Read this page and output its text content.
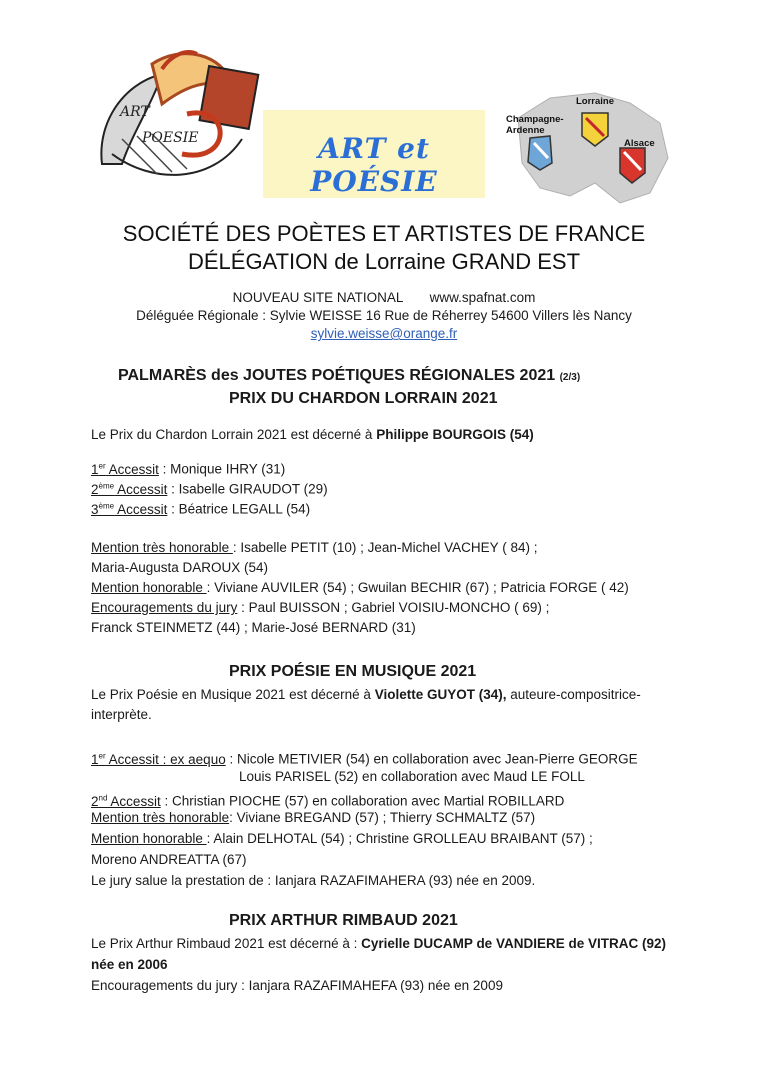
ART
POESIE	ART et POÉSIE
Lorraine
Champagne-
Ardenne
Alsace
SOCIÉTÉ DES POÈTES ET ARTISTES DE FRANCE
DÉLÉGATION de Lorraine GRAND EST
NOUVEAU SITE NATIONAL www.spafnat.com
Déléguée Régionale : Sylvie WEISSE 16 Rue de Réherrey 54600 Villers lès Nancy
sylvie.weisse@orange.fr
PALMARÈS des JOUTES POÉTIQUES RÉGIONALES 2021 (2/3)
PRIX DU CHARDON LORRAIN 2021
Le Prix du Chardon Lorrain 2021 est décerné à Philippe BOURGOIS (54)
1er Accessit : Monique IHRY (31)
2ème Accessit : Isabelle GIRAUDOT (29)
3ème Accessit : Béatrice LEGALL (54)
Mention très honorable : Isabelle PETIT (10) ; Jean-Michel VACHEY ( 84) ;
Maria-Augusta DAROUX (54)
Mention honorable : Viviane AUVILER (54) ; Gwuilan BECHIR (67) ; Patricia FORGE ( 42)
Encouragements du jury : Paul BUISSON ; Gabriel VOISIU-MONCHO ( 69) ;
Franck STEINMETZ (44) ; Marie-José BERNARD (31)
PRIX POÉSIE EN MUSIQUE 2021
Le Prix Poésie en Musique 2021 est décerné à Violette GUYOT (34), auteure-compositrice-
interprète.
1er Accessit : ex aequo : Nicole METIVIER (54) en collaboration avec Jean-Pierre GEORGE
Louis PARISEL (52) en collaboration avec Maud LE FOLL
2nd Accessit : Christian PIOCHE (57) en collaboration avec Martial ROBILLARD
Mention très honorable: Viviane BREGAND (57) ; Thierry SCHMALTZ (57)
Mention honorable : Alain DELHOTAL (54) ; Christine GROLLEAU BRAIBANT (57) ;
Moreno ANDREATTA (67)
Le jury salue la prestation de : Ianjara RAZAFIMAHERA (93) née en 2009.
PRIX ARTHUR RIMBAUD 2021
Le Prix Arthur Rimbaud 2021 est décerné à : Cyrielle DUCAMP de VANDIERE de VITRAC (92)
née en 2006
Encouragements du jury : Ianjara RAZAFIMAHEFA (93) née en 2009
